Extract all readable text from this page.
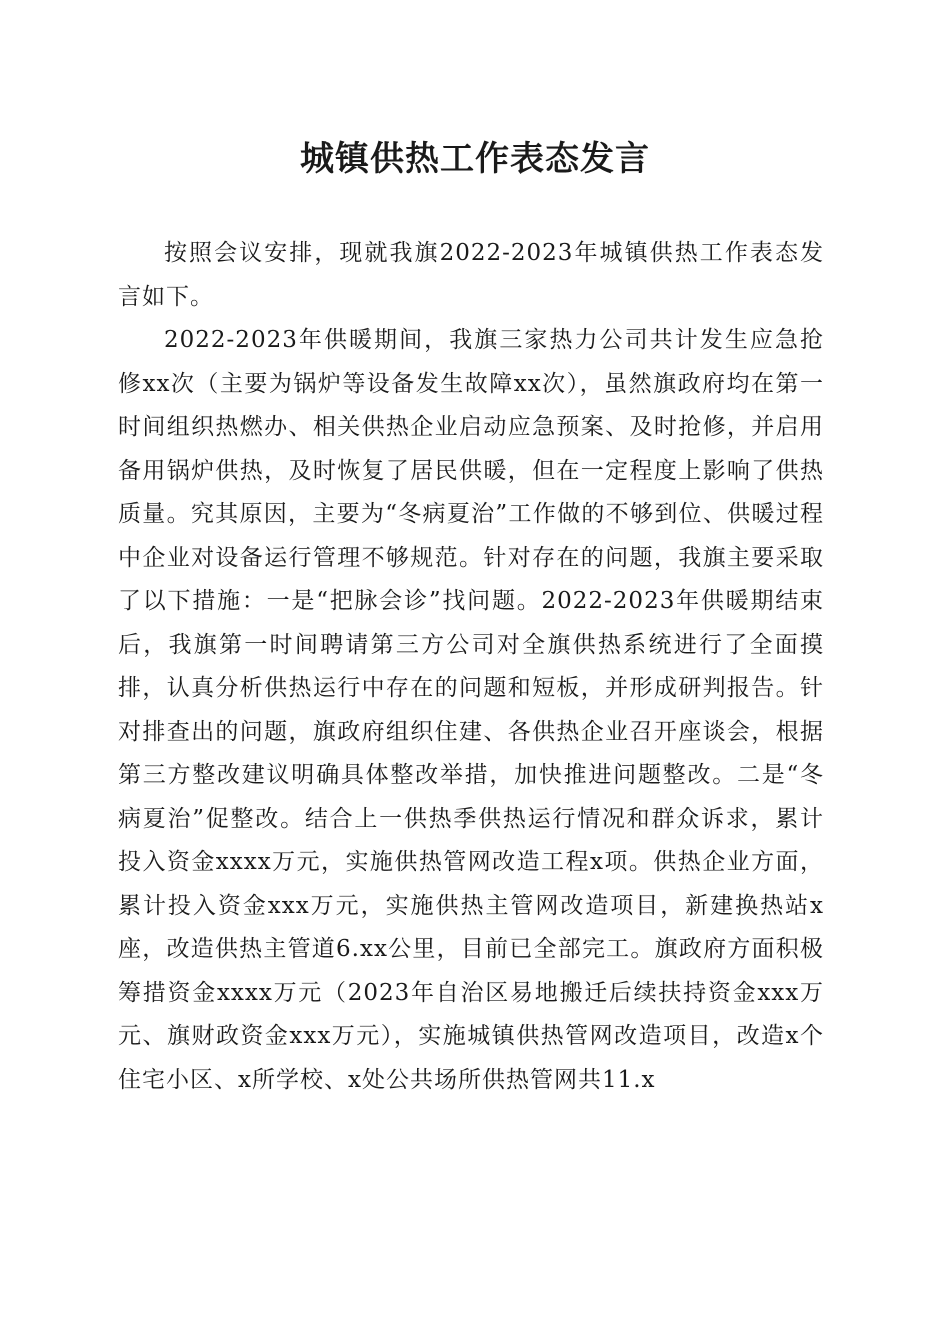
城镇供热工作表态发言

按照会议安排，现就我旗2022-2023年城镇供热工作表态发言如下。

2022-2023年供暖期间，我旗三家热力公司共计发生应急抢修xx次（主要为锅炉等设备发生故障xx次），虽然旗政府均在第一时间组织热燃办、相关供热企业启动应急预案、及时抢修，并启用备用锅炉供热，及时恢复了居民供暖，但在一定程度上影响了供热质量。究其原因，主要为“冬病夏治”工作做的不够到位、供暖过程中企业对设备运行管理不够规范。针对存在的问题，我旗主要采取了以下措施：一是“把脉会诊”找问题。2022-2023年供暖期结束后，我旗第一时间聘请第三方公司对全旗供热系统进行了全面摸排，认真分析供热运行中存在的问题和短板，并形成研判报告。针对排查出的问题，旗政府组织住建、各供热企业召开座谈会，根据第三方整改建议明确具体整改举措，加快推进问题整改。二是“冬病夏治”促整改。结合上一供热季供热运行情况和群众诉求，累计投入资金xxxx万元，实施供热管网改造工程x项。供热企业方面，累计投入资金xxx万元，实施供热主管网改造项目，新建换热站x座，改造供热主管道6.xx公里，目前已全部完工。旗政府方面积极筹措资金xxxx万元（2023年自治区易地搬迁后续扶持资金xxx万元、旗财政资金xxx万元），实施城镇供热管网改造项目，改造x个住宅小区、x所学校、x处公共场所供热管网共11.x
